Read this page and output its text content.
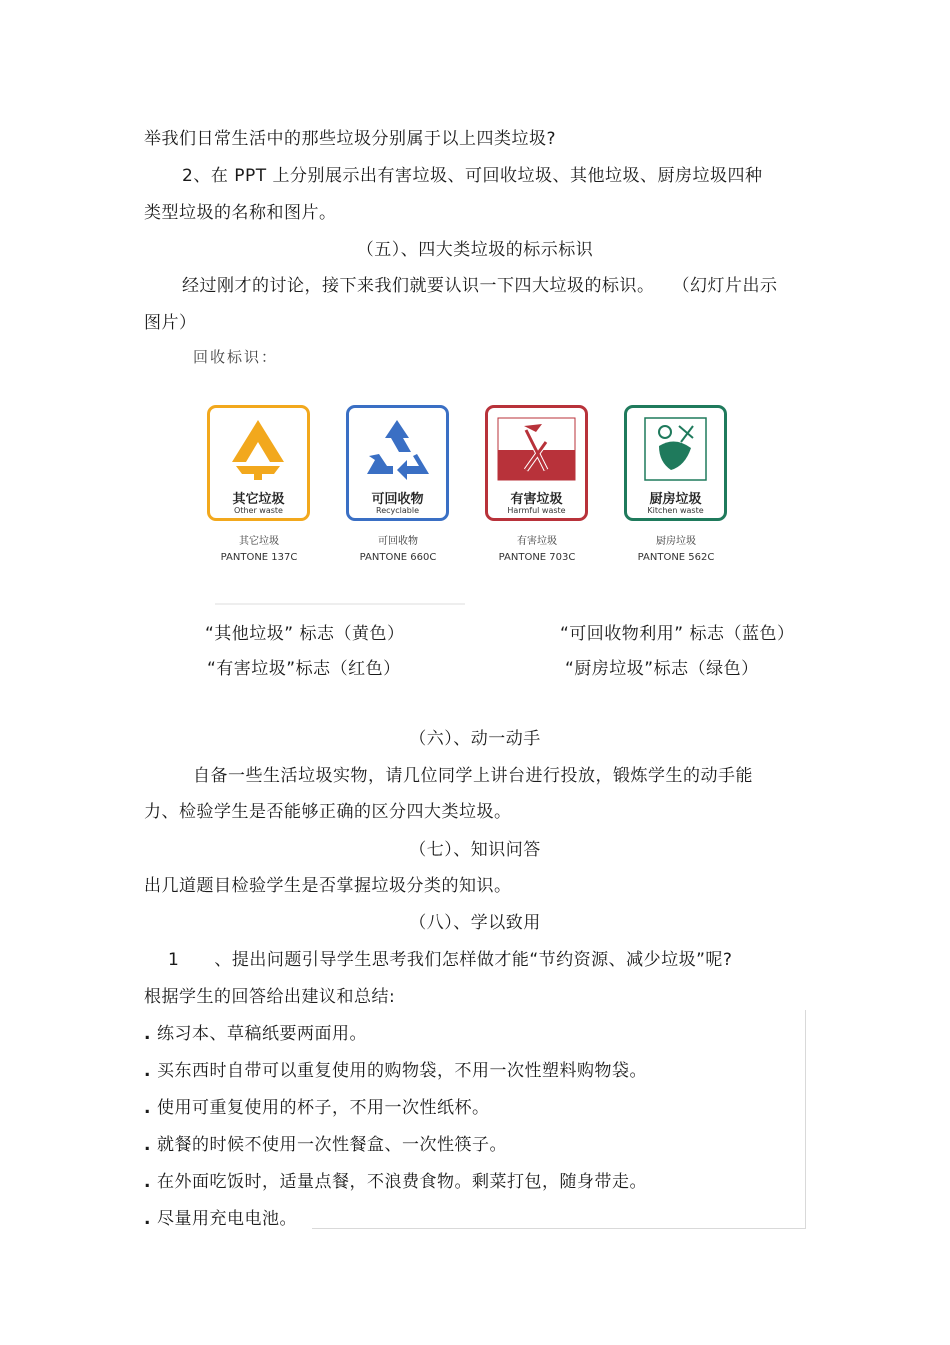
举我们日常生活中的那些垃圾分别属于以上四类垃圾?
2、在 PPT 上分别展示出有害垃圾、可回收垃圾、其他垃圾、厨房垃圾四种
类型垃圾的名称和图片。
（五）、四大类垃圾的标示标识
经过刚才的讨论，接下来我们就要认识一下四大垃圾的标识。　　（幻灯片出示
图片）
回收标识：
其它垃圾
Other waste
可回收物
Recyclable
有害垃圾
Harmful waste
厨房垃圾
Kitchen waste
其它垃圾
PANTONE 137C
可回收物
PANTONE 660C
有害垃圾
PANTONE 703C
厨房垃圾
PANTONE 562C
“其他垃圾” 标志（黄色）	“可回收物利用” 标志（蓝色）
“有害垃圾”标志（红色）	“厨房垃圾”标志（绿色）
（六）、动一动手
自备一些生活垃圾实物，请几位同学上讲台进行投放，锻炼学生的动手能
力、检验学生是否能够正确的区分四大类垃圾。
（七）、知识问答
出几道题目检验学生是否掌握垃圾分类的知识。
（八）、学以致用
1　　、提出问题引导学生思考我们怎样做才能“节约资源、减少垃圾”呢?
根据学生的回答给出建议和总结:
. 练习本、草稿纸要两面用。
. 买东西时自带可以重复使用的购物袋，不用一次性塑料购物袋。
. 使用可重复使用的杯子，不用一次性纸杯。
. 就餐的时候不使用一次性餐盒、一次性筷子。
. 在外面吃饭时，适量点餐，不浪费食物。剩菜打包，随身带走。
. 尽量用充电电池。
